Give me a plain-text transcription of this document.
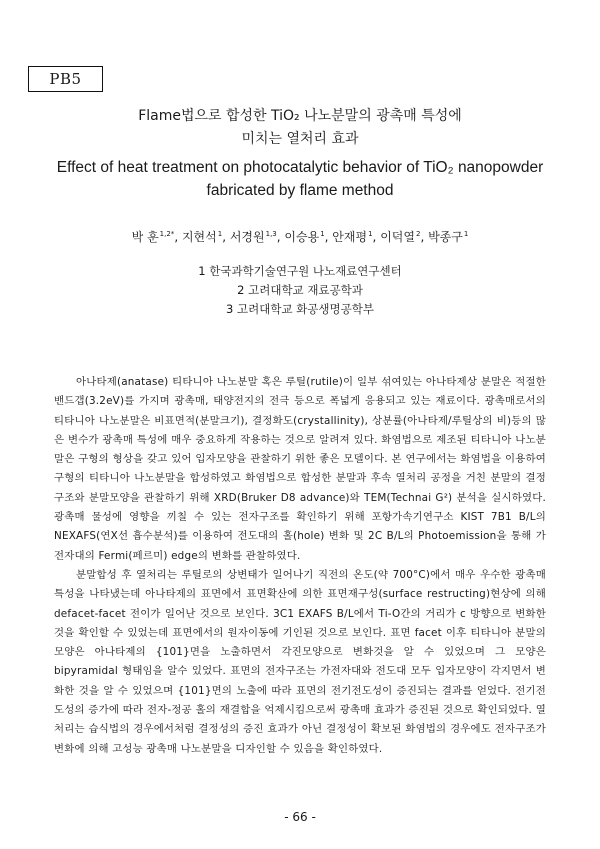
PB5
Flame법으로 합성한 TiO₂ 나노분말의 광촉매 특성에
미치는 열처리 효과
Effect of heat treatment on photocatalytic behavior of TiO₂ nanopowder
fabricated by flame method
박 훈$^{1,2*}$, 지현석$^1$, 서경원$^{1,3}$, 이승용$^1$, 안재평$^1$, 이덕열$^2$, 박종구$^1$
1 한국과학기술연구원 나노재료연구센터
2 고려대학교 재료공학과
3 고려대학교 화공생명공학부

아나타제(anatase) 티타니아 나노분말 혹은 루틸(rutile)이 일부 섞여있는 아나타제상 분말은 적절한 밴드갭(3.2eV)를 가지며 광촉매, 태양전지의 전극 등으로 폭넓게 응용되고 있는 재료이다. 광촉매로서의 티타니아 나노분말은 비표면적(분말크기), 결정화도(crystallinity), 상분률(아나타제/루틸상의 비)등의 많은 변수가 광촉매 특성에 매우 중요하게 작용하는 것으로 알려져 있다. 화염법으로 제조된 티타니아 나노분말은 구형의 형상을 갖고 있어 입자모양을 관찰하기 위한 좋은 모델이다. 본 연구에서는 화염법을 이용하여 구형의 티타니아 나노분말을 합성하였고 화염법으로 합성한 분말과 후속 열처리 공정을 거친 분말의 결정구조와 분말모양을 관찰하기 위해 XRD(Bruker D8 advance)와 TEM(Technai G²) 분석을 실시하였다. 광촉매 물성에 영향을 끼칠 수 있는 전자구조를 확인하기 위해 포항가속기연구소 KIST 7B1 B/L의 NEXAFS(연X선 흡수분석)를 이용하여 전도대의 홀(hole) 변화 및 2C B/L의 Photoemission을 통해 가전자대의 Fermi(페르미) edge의 변화를 관찰하였다.

분말합성 후 열처리는 루틸로의 상변태가 일어나기 직전의 온도(약 700°C)에서 매우 우수한 광촉매 특성을 나타냈는데 아나타제의 표면에서 표면확산에 의한 표면재구성(surface restructing)현상에 의해 defacet-facet 전이가 일어난 것으로 보인다. 3C1 EXAFS B/L에서 Ti-O간의 거리가 c 방향으로 변화한 것을 확인할 수 있었는데 표면에서의 원자이동에 기인된 것으로 보인다. 표면 facet 이후 티타니아 분말의 모양은 아나타제의 {101}면을 노출하면서 각진모양으로 변화것을 알 수 있었으며 그 모양은 bipyramidal 형태임을 알수 있었다. 표면의 전자구조는 가전자대와 전도대 모두 입자모양이 각지면서 변화한 것을 알 수 있었으며 {101}면의 노출에 따라 표면의 전기전도성이 증진되는 결과를 얻었다. 전기전도성의 증가에 따라 전자-정공 홀의 재결합을 억제시킴으로써 광촉매 효과가 증진된 것으로 확인되었다. 열처리는 습식법의 경우에서처럼 결정성의 증진 효과가 아닌 결정성이 확보된 화염법의 경우에도 전자구조가 변화에 의해 고성능 광촉매 나노분말을 디자인할 수 있음을 확인하였다.

- 66 -
